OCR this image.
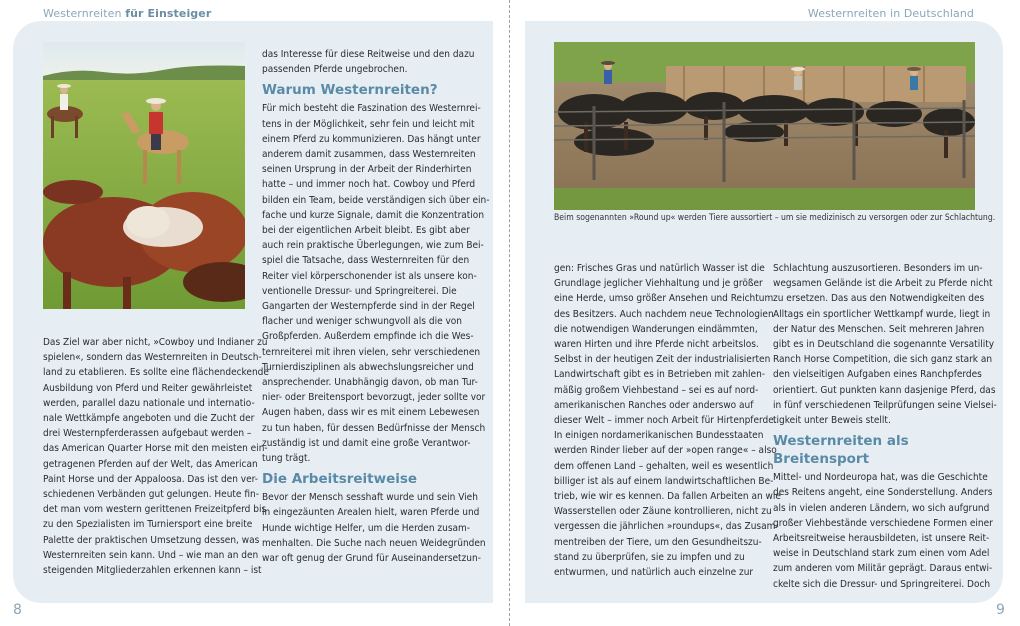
Westernreiten für Einsteiger	Westernreiten in Deutschland
Beim sogenannten »Round up« werden Tiere aussortiert – um sie medizinisch zu versorgen oder zur Schlachtung.

Das Ziel war aber nicht, »Cowboy und Indianer zu
spielen«, sondern das Westernreiten in Deutsch-
land zu etablieren. Es sollte eine flächendeckende
Ausbildung von Pferd und Reiter gewährleistet
werden, parallel dazu nationale und internatio-
nale Wettkämpfe angeboten und die Zucht der
drei Westernpferderassen aufgebaut werden –
das American Quarter Horse mit den meisten ein-
getragenen Pferden auf der Welt, das American
Paint Horse und der Appaloosa. Das ist den ver-
schiedenen Verbänden gut gelungen. Heute fin-
det man vom western gerittenen Freizeitpferd bis
zu den Spezialisten im Turniersport eine breite
Palette der praktischen Umsetzung dessen, was
Westernreiten sein kann. Und – wie man an den
steigenden Mitgliederzahlen erkennen kann – ist

das Interesse für diese Reitweise und den dazu
passenden Pferde ungebrochen.

Warum Westernreiten?

Für mich besteht die Faszination des Westernrei-
tens in der Möglichkeit, sehr fein und leicht mit
einem Pferd zu kommunizieren. Das hängt unter
anderem damit zusammen, dass Westernreiten
seinen Ursprung in der Arbeit der Rinderhirten
hatte – und immer noch hat. Cowboy und Pferd
bilden ein Team, beide verständigen sich über ein-
fache und kurze Signale, damit die Konzentration
bei der eigentlichen Arbeit bleibt. Es gibt aber
auch rein praktische Überlegungen, wie zum Bei-
spiel die Tatsache, dass Westernreiten für den
Reiter viel körperschonender ist als unsere kon-
ventionelle Dressur- und Springreiterei. Die
Gangarten der Westernpferde sind in der Regel
flacher und weniger schwungvoll als die von
Großpferden. Außerdem empfinde ich die Wes-
ternreiterei mit ihren vielen, sehr verschiedenen
Turnierdisziplinen als abwechslungsreicher und
ansprechender. Unabhängig davon, ob man Tur-
nier- oder Breitensport bevorzugt, jeder sollte vor
Augen haben, dass wir es mit einem Lebewesen
zu tun haben, für dessen Bedürfnisse der Mensch
zuständig ist und damit eine große Verantwor-
tung trägt.

Die Arbeitsreitweise

Bevor der Mensch sesshaft wurde und sein Vieh
in eingezäunten Arealen hielt, waren Pferde und
Hunde wichtige Helfer, um die Herden zusam-
menhalten. Die Suche nach neuen Weidegründen
war oft genug der Grund für Auseinandersetzun-

gen: Frisches Gras und natürlich Wasser ist die
Grundlage jeglicher Viehhaltung und je größer
eine Herde, umso größer Ansehen und Reichtum
des Besitzers. Auch nachdem neue Technologien
die notwendigen Wanderungen eindämmten,
waren Hirten und ihre Pferde nicht arbeitslos.
Selbst in der heutigen Zeit der industrialisierten
Landwirtschaft gibt es in Betrieben mit zahlen-
mäßig großem Viehbestand – sei es auf nord-
amerikanischen Ranches oder anderswo auf
dieser Welt – immer noch Arbeit für Hirtenpferde.
In einigen nordamerikanischen Bundesstaaten
werden Rinder lieber auf der »open range« – also
dem offenen Land – gehalten, weil es wesentlich
billiger ist als auf einem landwirtschaftlichen Be-
trieb, wie wir es kennen. Da fallen Arbeiten an wie
Wasserstellen oder Zäune kontrollieren, nicht zu
vergessen die jährlichen »roundups«, das Zusam-
mentreiben der Tiere, um den Gesundheitszu-
stand zu überprüfen, sie zu impfen und zu
entwurmen, und natürlich auch einzelne zur

Schlachtung auszusortieren. Besonders im un-
wegsamen Gelände ist die Arbeit zu Pferde nicht
zu ersetzen. Das aus den Notwendigkeiten des
Alltags ein sportlicher Wettkampf wurde, liegt in
der Natur des Menschen. Seit mehreren Jahren
gibt es in Deutschland die sogenannte Versatility
Ranch Horse Competition, die sich ganz stark an
den vielseitigen Aufgaben eines Ranchpferdes
orientiert. Gut punkten kann dasjenige Pferd, das
in fünf verschiedenen Teilprüfungen seine Vielsei-
tigkeit unter Beweis stellt.

Westernreiten als Breitensport

Mittel- und Nordeuropa hat, was die Geschichte
des Reitens angeht, eine Sonderstellung. Anders
als in vielen anderen Ländern, wo sich aufgrund
großer Viehbestände verschiedene Formen einer
Arbeitsreitweise herausbildeten, ist unsere Reit-
weise in Deutschland stark zum einen vom Adel
zum anderen vom Militär geprägt. Daraus entwi-
ckelte sich die Dressur- und Springreiterei. Doch

8	9
